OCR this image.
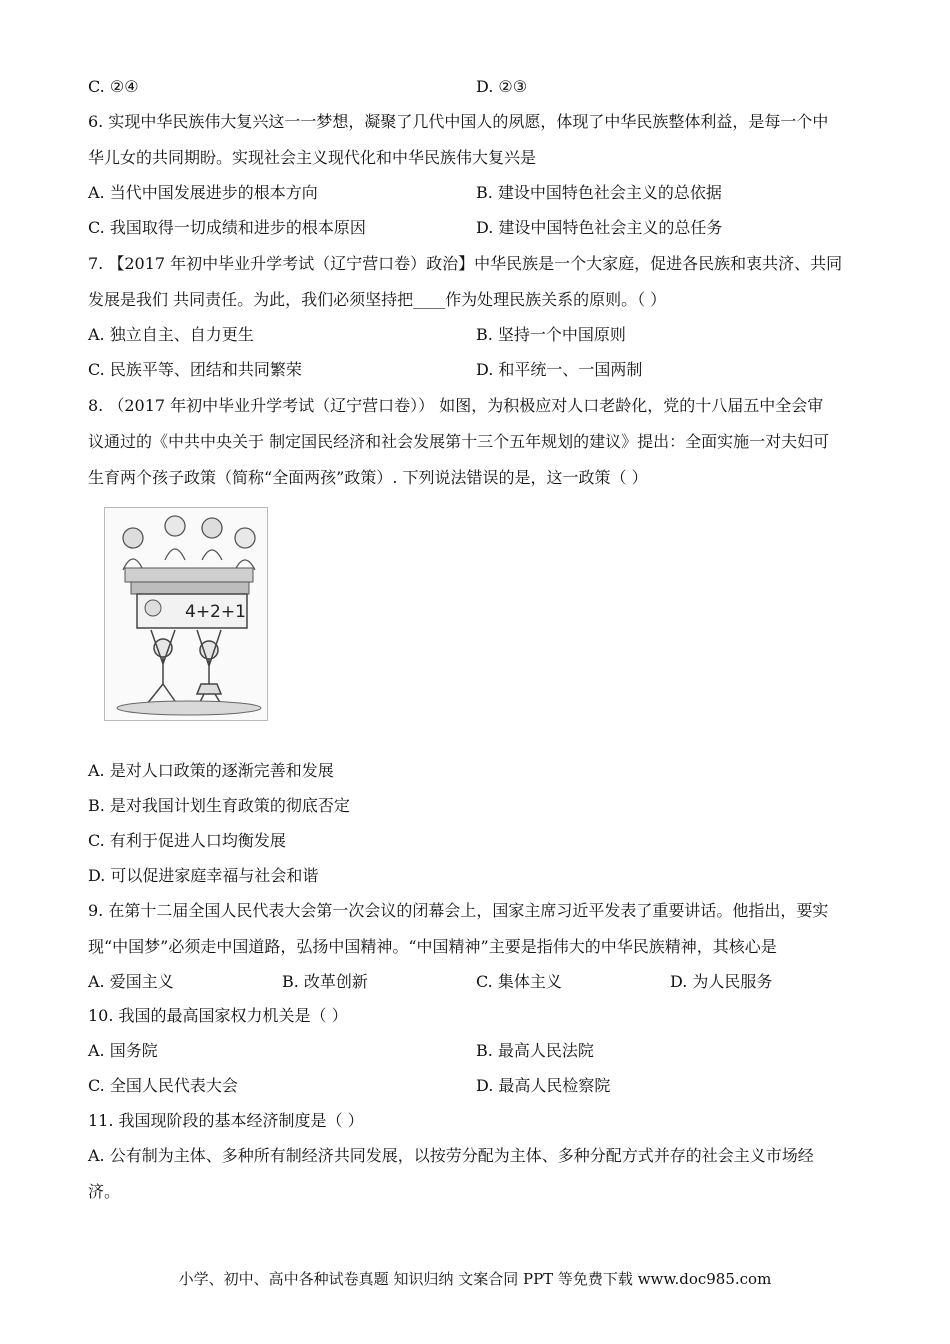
C. ②④	D. ②③
6. 实现中华民族伟大复兴这一一梦想，凝聚了几代中国人的夙愿，体现了中华民族整体利益，是每一个中
华儿女的共同期盼。实现社会主义现代化和中华民族伟大复兴是
A. 当代中国发展进步的根本方向	B. 建设中国特色社会主义的总依据
C. 我国取得一切成绩和进步的根本原因	D. 建设中国特色社会主义的总任务
7. 【2017 年初中毕业升学考试（辽宁营口卷）政治】中华民族是一个大家庭，促进各民族和衷共济、共同
发展是我们 共同责任。为此，我们必须坚持把____作为处理民族关系的原则。（ ）
A. 独立自主、自力更生	B. 坚持一个中国原则
C. 民族平等、团结和共同繁荣	D. 和平统一、一国两制
8. （2017 年初中毕业升学考试（辽宁营口卷）） 如图，为积极应对人口老龄化，党的十八届五中全会审
议通过的《中共中央关于 制定国民经济和社会发展第十三个五年规划的建议》提出：全面实施一对夫妇可
生育两个孩子政策（简称“全面两孩”政策）. 下列说法错误的是，这一政策（ ）
4+2+1
A. 是对人口政策的逐渐完善和发展
B. 是对我国计划生育政策的彻底否定
C. 有利于促进人口均衡发展
D. 可以促进家庭幸福与社会和谐
9. 在第十二届全国人民代表大会第一次会议的闭幕会上，国家主席习近平发表了重要讲话。他指出，要实
现“中国梦”必须走中国道路，弘扬中国精神。“中国精神”主要是指伟大的中华民族精神，其核心是
A. 爱国主义	B. 改革创新	C. 集体主义	D. 为人民服务
10. 我国的最高国家权力机关是（ ）
A. 国务院	B. 最高人民法院
C. 全国人民代表大会	D. 最高人民检察院
11. 我国现阶段的基本经济制度是（ ）
A. 公有制为主体、多种所有制经济共同发展，以按劳分配为主体、多种分配方式并存的社会主义市场经
济。
小学、初中、高中各种试卷真题 知识归纳 文案合同 PPT 等免费下载 www.doc985.com
